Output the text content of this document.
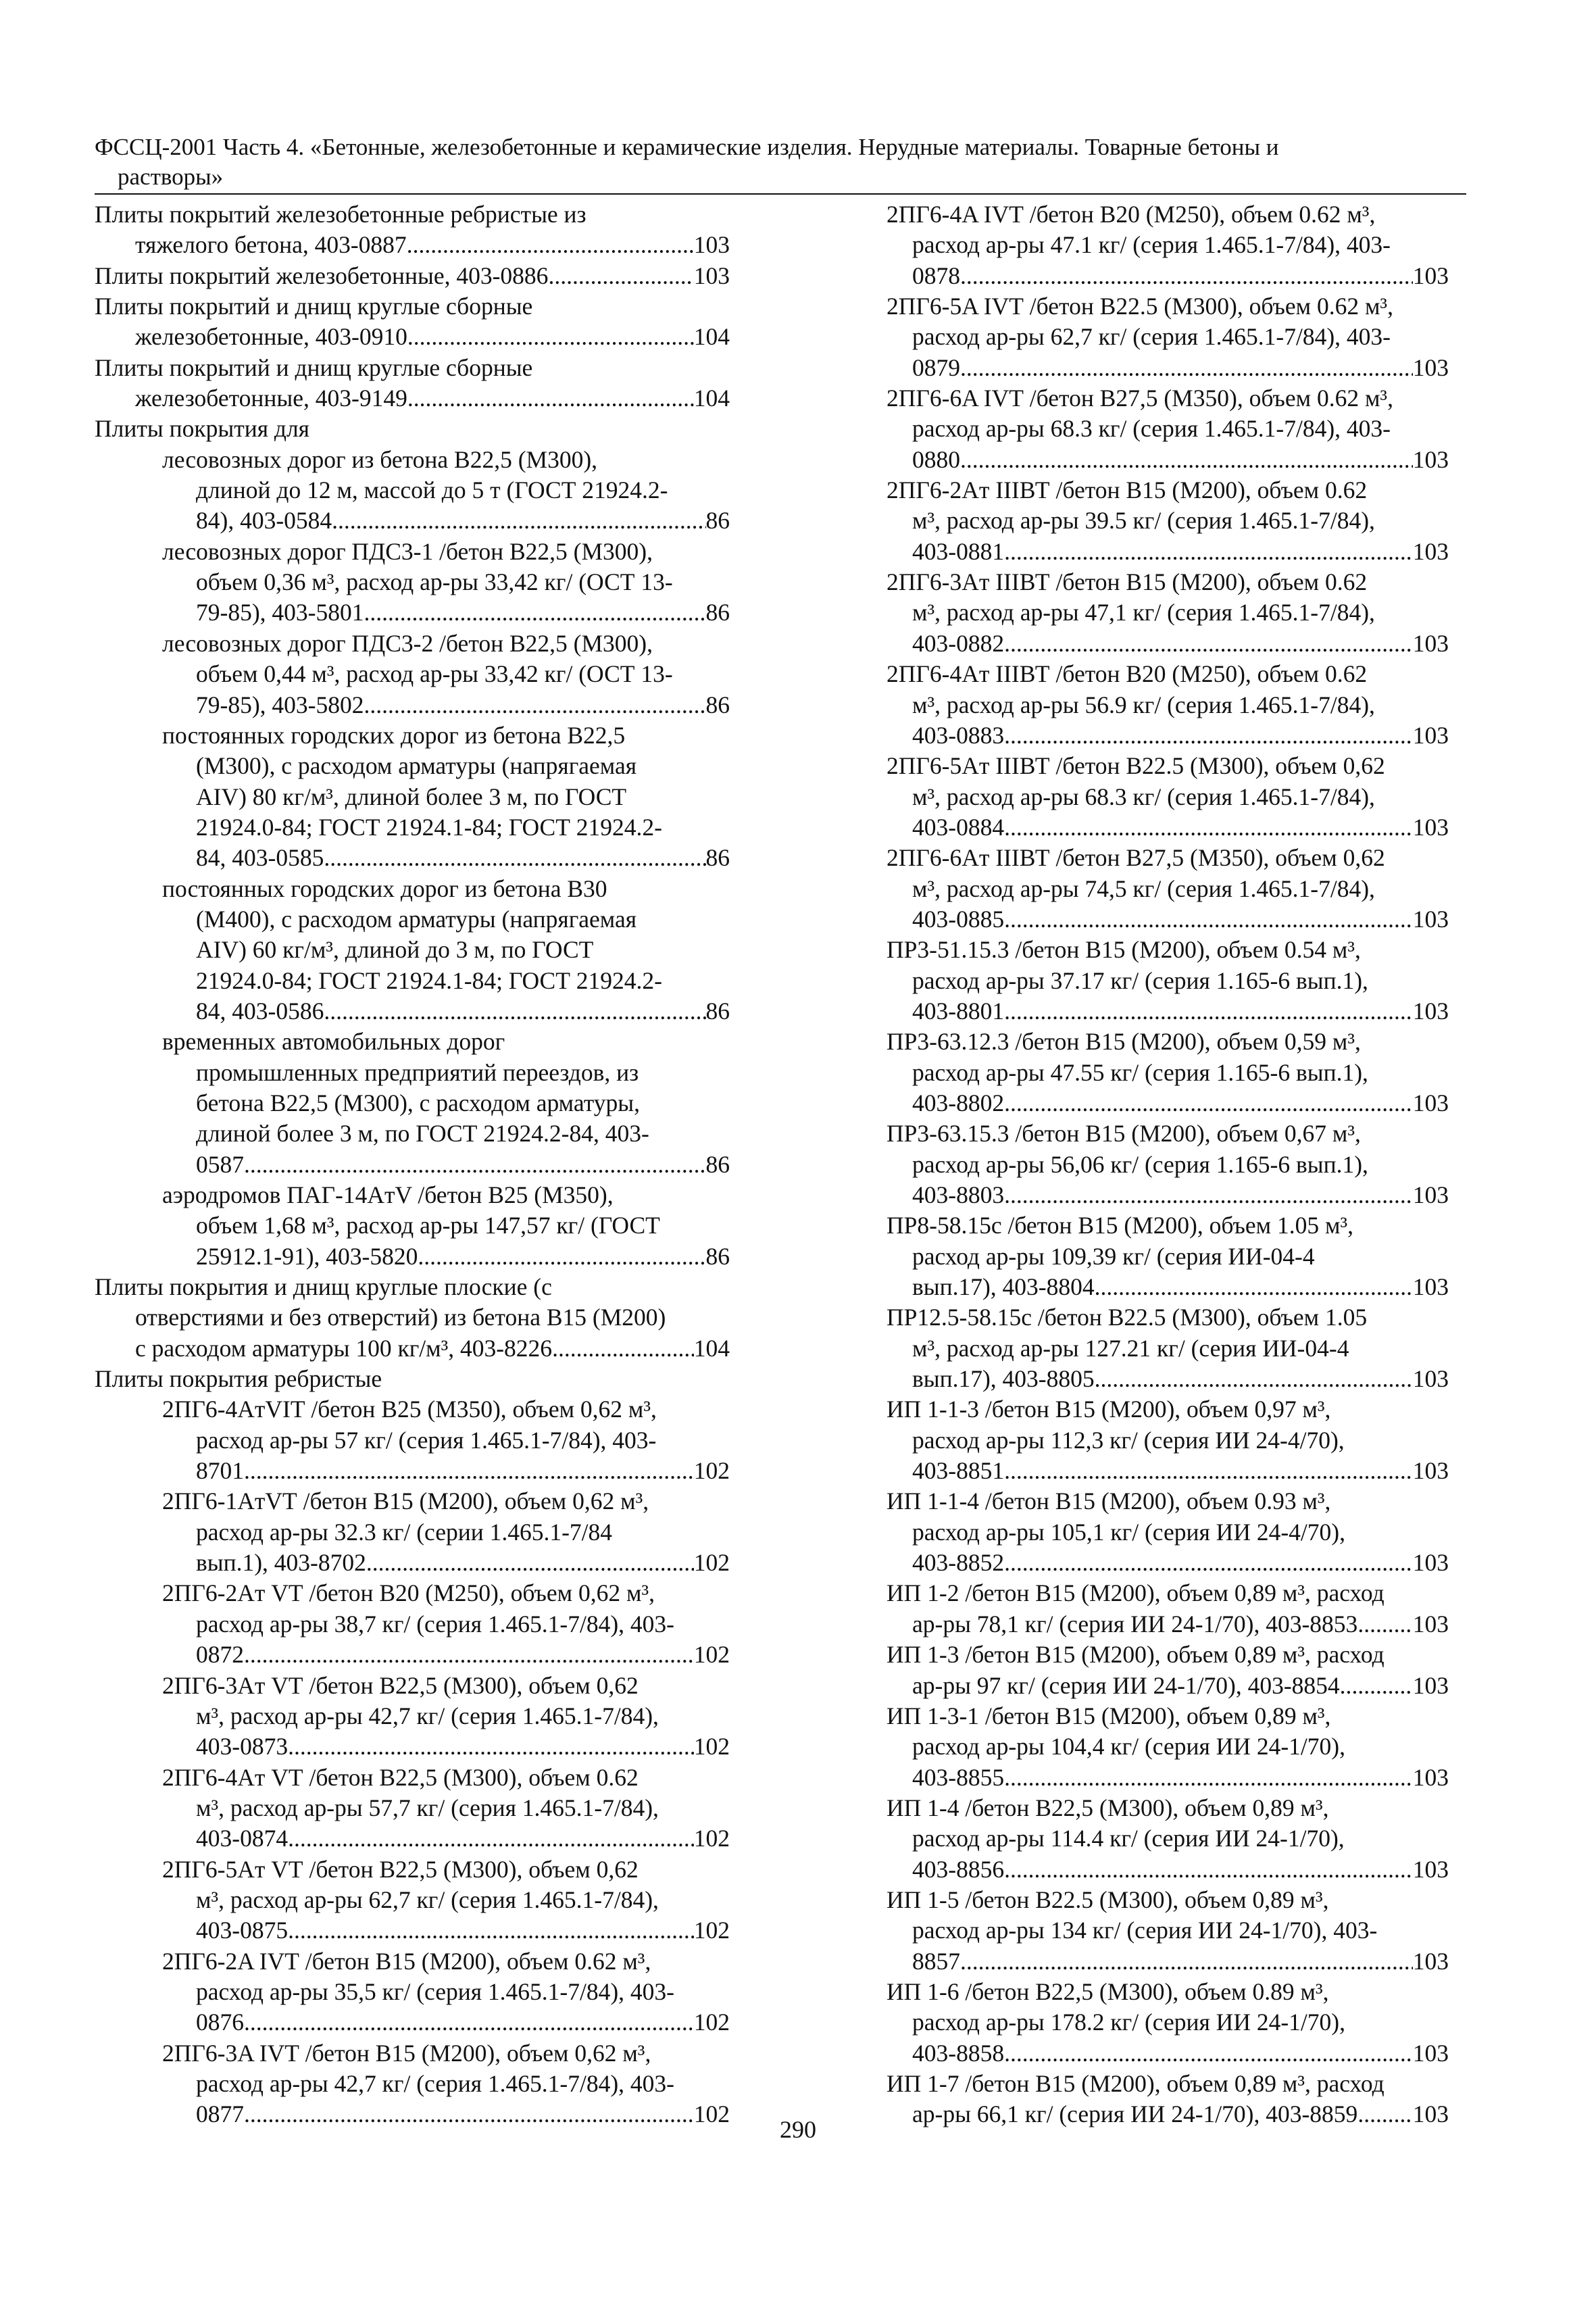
ФССЦ-2001 Часть 4. «Бетонные, железобетонные и керамические изделия. Нерудные материалы. Товарные бетоны и
растворы»
Плиты покрытий железобетонные ребристые из
тяжелого бетона, 403-0887 .....	103
Плиты покрытий железобетонные, 403-0886 .....	103
Плиты покрытий и днищ круглые сборные
железобетонные, 403-0910 .....	104
Плиты покрытий и днищ круглые сборные
железобетонные, 403-9149 .....	104
Плиты покрытия для
лесовозных дорог из бетона В22,5 (М300),
длиной до 12 м, массой до 5 т (ГОСТ 21924.2-
84), 403-0584 .....	86
лесовозных дорог ПДС3-1 /бетон В22,5 (М300),
объем 0,36 м³, расход ар-ры 33,42 кг/ (ОСТ 13-
79-85), 403-5801 .....	86
лесовозных дорог ПДС3-2 /бетон В22,5 (М300),
объем 0,44 м³, расход ар-ры 33,42 кг/ (ОСТ 13-
79-85), 403-5802 .....	86
постоянных городских дорог из бетона В22,5
(М300), с расходом арматуры (напрягаемая
AIV) 80 кг/м³, длиной более 3 м, по ГОСТ
21924.0-84; ГОСТ 21924.1-84; ГОСТ 21924.2-
84, 403-0585 .....	86
постоянных городских дорог из бетона В30
(М400), с расходом арматуры (напрягаемая
AIV) 60 кг/м³, длиной до 3 м, по ГОСТ
21924.0-84; ГОСТ 21924.1-84; ГОСТ 21924.2-
84, 403-0586 .....	86
временных автомобильных дорог
промышленных предприятий переездов, из
бетона В22,5 (М300), с расходом арматуры,
длиной более 3 м, по ГОСТ 21924.2-84, 403-
0587 .....	86
аэродромов ПАГ-14AтV /бетон В25 (М350),
объем 1,68 м³, расход ар-ры 147,57 кг/ (ГОСТ
25912.1-91), 403-5820 .....	86
Плиты покрытия и днищ круглые плоские (с
отверстиями и без отверстий) из бетона В15 (М200)
с расходом арматуры 100 кг/м³, 403-8226 .....	104
Плиты покрытия ребристые
2ПГ6-4AтVIТ /бетон В25 (М350), объем 0,62 м³,
расход ар-ры 57 кг/ (серия 1.465.1-7/84), 403-
8701 .....	102
2ПГ6-1AтVТ /бетон В15 (М200), объем 0,62 м³,
расход ар-ры 32.3 кг/ (серии 1.465.1-7/84
вып.1), 403-8702 .....	102
2ПГ6-2Aт VТ /бетон В20 (М250), объем 0,62 м³,
расход ар-ры 38,7 кг/ (серия 1.465.1-7/84), 403-
0872 .....	102
2ПГ6-3Aт VТ /бетон В22,5 (М300), объем 0,62
м³, расход ар-ры 42,7 кг/ (серия 1.465.1-7/84),
403-0873 .....	102
2ПГ6-4Aт VТ /бетон В22,5 (М300), объем 0.62
м³, расход ар-ры 57,7 кг/ (серия 1.465.1-7/84),
403-0874 .....	102
2ПГ6-5Aт VТ /бетон В22,5 (М300), объем 0,62
м³, расход ар-ры 62,7 кг/ (серия 1.465.1-7/84),
403-0875 .....	102
2ПГ6-2A IVТ /бетон В15 (М200), объем 0.62 м³,
расход ар-ры 35,5 кг/ (серия 1.465.1-7/84), 403-
0876 .....	102
2ПГ6-3A IVТ /бетон В15 (М200), объем 0,62 м³,
расход ар-ры 42,7 кг/ (серия 1.465.1-7/84), 403-
0877 .....	102
2ПГ6-4A IVТ /бетон В20 (М250), объем 0.62 м³,
расход ар-ры 47.1 кг/ (серия 1.465.1-7/84), 403-
0878 .....	103
2ПГ6-5A IVТ /бетон В22.5 (М300), объем 0.62 м³,
расход ар-ры 62,7 кг/ (серия 1.465.1-7/84), 403-
0879 .....	103
2ПГ6-6A IVТ /бетон В27,5 (М350), объем 0.62 м³,
расход ар-ры 68.3 кг/ (серия 1.465.1-7/84), 403-
0880 .....	103
2ПГ6-2Aт IIIВТ /бетон В15 (М200), объем 0.62
м³, расход ар-ры 39.5 кг/ (серия 1.465.1-7/84),
403-0881 .....	103
2ПГ6-3Aт IIIВТ /бетон В15 (М200), объем 0.62
м³, расход ар-ры 47,1 кг/ (серия 1.465.1-7/84),
403-0882 .....	103
2ПГ6-4Aт IIIВТ /бетон В20 (М250), объем 0.62
м³, расход ар-ры 56.9 кг/ (серия 1.465.1-7/84),
403-0883 .....	103
2ПГ6-5Aт IIIВТ /бетон В22.5 (М300), объем 0,62
м³, расход ар-ры 68.3 кг/ (серия 1.465.1-7/84),
403-0884 .....	103
2ПГ6-6Aт IIIВТ /бетон В27,5 (М350), объем 0,62
м³, расход ар-ры 74,5 кг/ (серия 1.465.1-7/84),
403-0885 .....	103
ПР3-51.15.3 /бетон В15 (М200), объем 0.54 м³,
расход ар-ры 37.17 кг/ (серия 1.165-6 вып.1),
403-8801 .....	103
ПР3-63.12.3 /бетон В15 (М200), объем 0,59 м³,
расход ар-ры 47.55 кг/ (серия 1.165-6 вып.1),
403-8802 .....	103
ПР3-63.15.3 /бетон В15 (М200), объем 0,67 м³,
расход ар-ры 56,06 кг/ (серия 1.165-6 вып.1),
403-8803 .....	103
ПР8-58.15с /бетон В15 (М200), объем 1.05 м³,
расход ар-ры 109,39 кг/ (серия ИИ-04-4
вып.17), 403-8804 .....	103
ПР12.5-58.15с /бетон В22.5 (М300), объем 1.05
м³, расход ар-ры 127.21 кг/ (серия ИИ-04-4
вып.17), 403-8805 .....	103
ИП 1-1-3 /бетон В15 (М200), объем 0,97 м³,
расход ар-ры 112,3 кг/ (серия ИИ 24-4/70),
403-8851 .....	103
ИП 1-1-4 /бетон В15 (М200), объем 0.93 м³,
расход ар-ры 105,1 кг/ (серия ИИ 24-4/70),
403-8852 .....	103
ИП 1-2 /бетон В15 (М200), объем 0,89 м³, расход
ар-ры 78,1 кг/ (серия ИИ 24-1/70), 403-8853 ..... 103
ИП 1-3 /бетон В15 (М200), объем 0,89 м³, расход
ар-ры 97 кг/ (серия ИИ 24-1/70), 403-8854.. .....	103
ИП 1-3-1 /бетон В15 (М200), объем 0,89 м³,
расход ар-ры 104,4 кг/ (серия ИИ 24-1/70),
403-8855 .....	103
ИП 1-4 /бетон В22,5 (М300), объем 0,89 м³,
расход ар-ры 114.4 кг/ (серия ИИ 24-1/70),
403-8856 .....	103
ИП 1-5 /бетон В22.5 (М300), объем 0,89 м³,
расход ар-ры 134 кг/ (серия ИИ 24-1/70), 403-
8857 .....	103
ИП 1-6 /бетон В22,5 (М300), объем 0.89 м³,
расход ар-ры 178.2 кг/ (серия ИИ 24-1/70),
403-8858 .....	103
ИП 1-7 /бетон В15 (М200), объем 0,89 м³, расход
ар-ры 66,1 кг/ (серия ИИ 24-1/70), 403-8859 ..... 103
290
